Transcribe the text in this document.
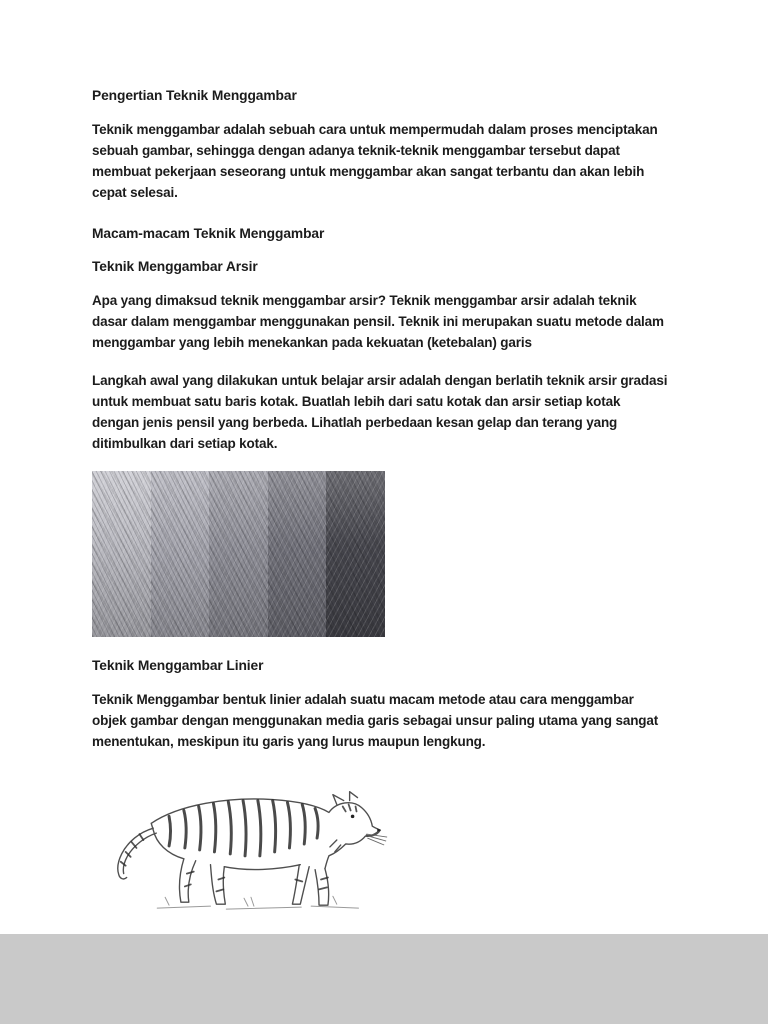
Pengertian Teknik Menggambar

Teknik menggambar adalah sebuah cara untuk mempermudah dalam proses menciptakan sebuah gambar, sehingga dengan adanya teknik-teknik menggambar tersebut dapat membuat pekerjaan seseorang untuk menggambar akan sangat terbantu dan akan lebih cepat selesai.

Macam-macam Teknik Menggambar
Teknik Menggambar Arsir

Apa yang dimaksud teknik menggambar arsir? Teknik menggambar arsir adalah teknik dasar dalam menggambar menggunakan pensil. Teknik ini merupakan suatu metode dalam menggambar yang lebih menekankan pada kekuatan (ketebalan) garis

Langkah awal yang dilakukan untuk belajar arsir adalah dengan berlatih teknik arsir gradasi untuk membuat satu baris kotak. Buatlah lebih dari satu kotak dan arsir setiap kotak dengan jenis pensil yang berbeda. Lihatlah perbedaan kesan gelap dan terang yang ditimbulkan dari setiap kotak.

Teknik Menggambar Linier

Teknik Menggambar bentuk linier adalah suatu macam metode atau cara menggambar objek gambar dengan menggunakan media garis sebagai unsur paling utama yang sangat menentukan, meskipun itu garis yang lurus maupun lengkung.
